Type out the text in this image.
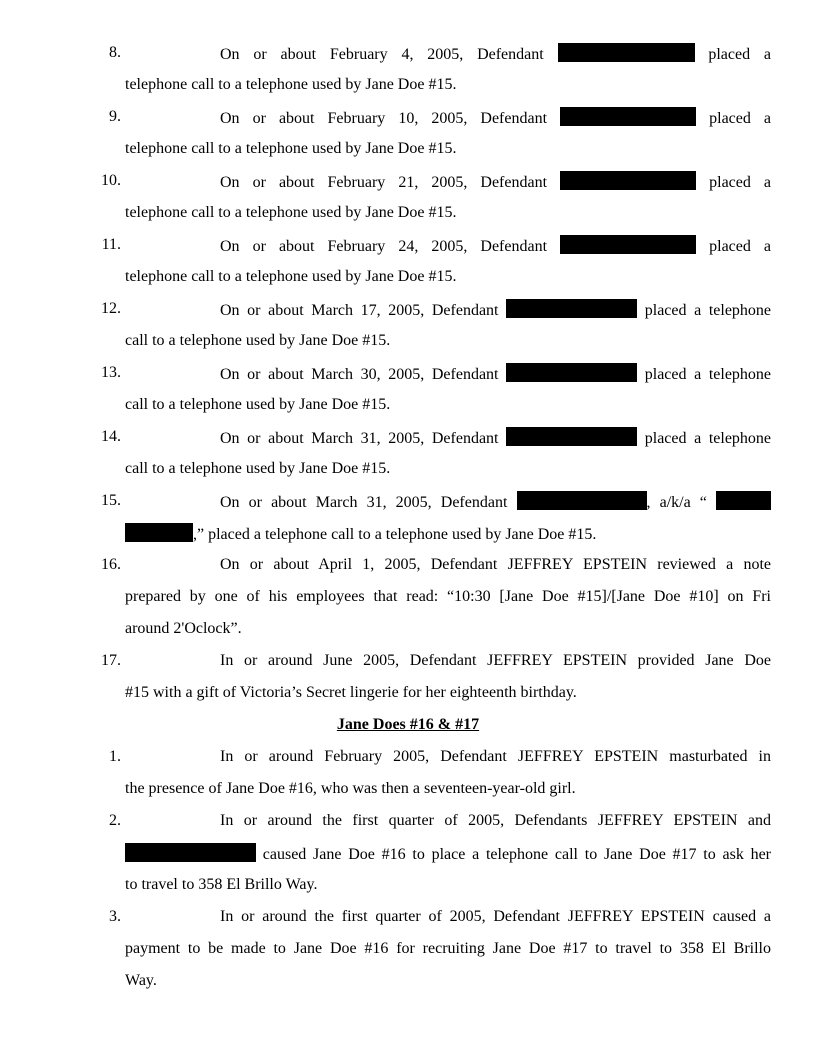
8.	On or about February 4, 2005, Defendant	placed a
telephone call to a telephone used by Jane Doe #15.
9.	On or about February 10, 2005, Defendant	placed a
telephone call to a telephone used by Jane Doe #15.
10.	On or about February 21, 2005, Defendant	placed a
telephone call to a telephone used by Jane Doe #15.
11.	On or about February 24, 2005, Defendant	placed a
telephone call to a telephone used by Jane Doe #15.
12.	On or about March 17, 2005, Defendant	placed a telephone
call to a telephone used by Jane Doe #15.
13.	On or about March 30, 2005, Defendant	placed a telephone
call to a telephone used by Jane Doe #15.
14.	On or about March 31, 2005, Defendant	placed a telephone
call to a telephone used by Jane Doe #15.
15.	On or about March 31, 2005, Defendant	, a/k/a “
,” placed a telephone call to a telephone used by Jane Doe #15.
16.	On or about April 1, 2005, Defendant JEFFREY EPSTEIN reviewed a note
prepared by one of his employees that read: “10:30 [Jane Doe #15]/[Jane Doe #10] on Fri
around 2'Oclock”.
17.	In or around June 2005, Defendant JEFFREY EPSTEIN provided Jane Doe
#15 with a gift of Victoria’s Secret lingerie for her eighteenth birthday.
Jane Does #16 & #17
1.	In or around February 2005, Defendant JEFFREY EPSTEIN masturbated in
the presence of Jane Doe #16, who was then a seventeen-year-old girl.
2.	In or around the first quarter of 2005, Defendants JEFFREY EPSTEIN and
caused Jane Doe #16 to place a telephone call to Jane Doe #17 to ask her
to travel to 358 El Brillo Way.
3.	In or around the first quarter of 2005, Defendant JEFFREY EPSTEIN caused a
payment to be made to Jane Doe #16 for recruiting Jane Doe #17 to travel to 358 El Brillo
Way.
